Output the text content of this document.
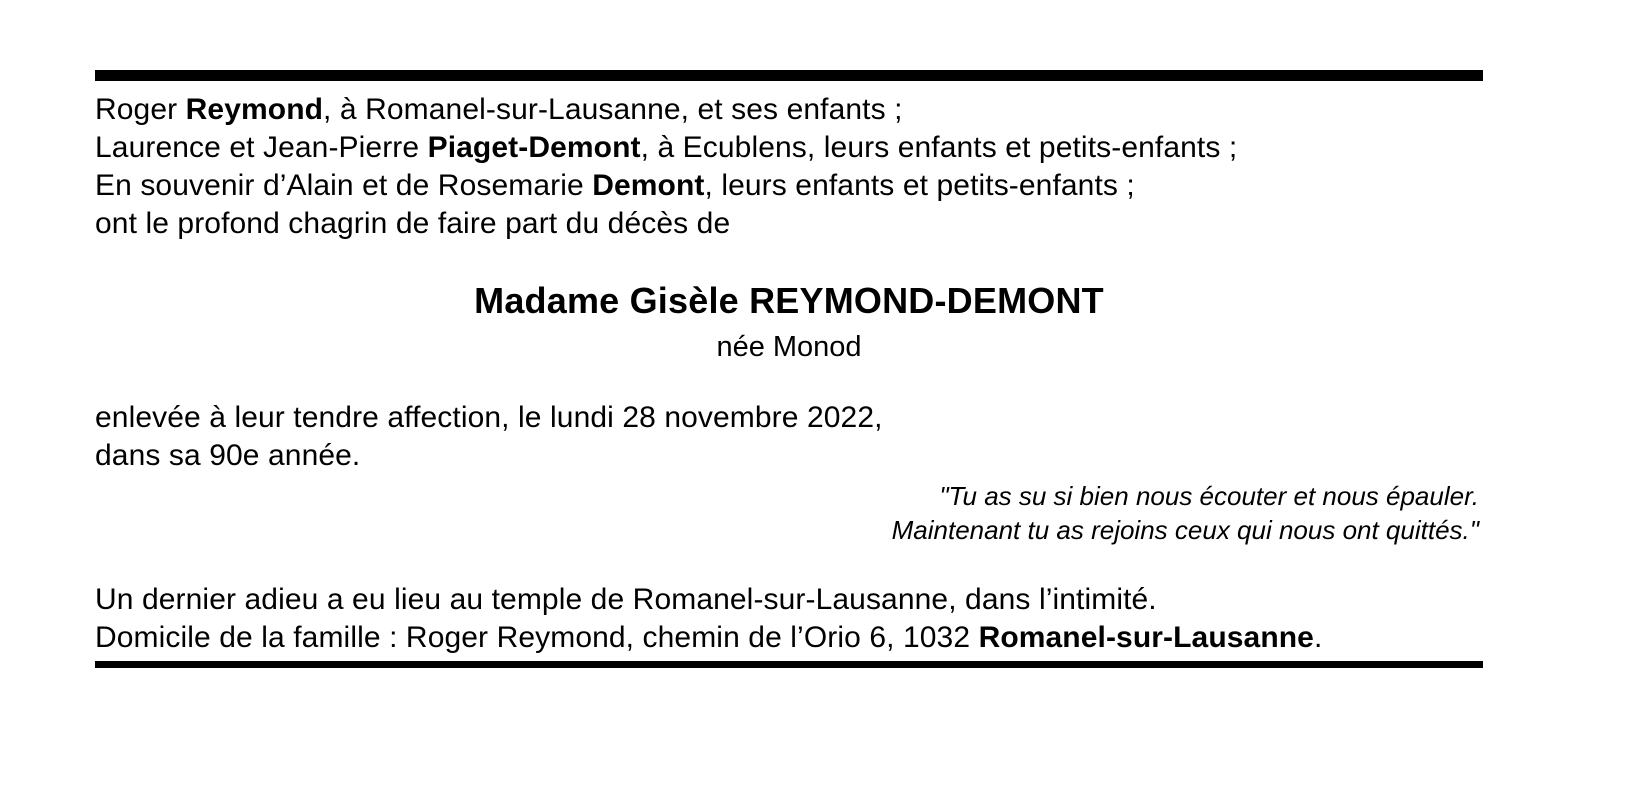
Roger Reymond, à Romanel-sur-Lausanne, et ses enfants ;
Laurence et Jean-Pierre Piaget-Demont, à Ecublens, leurs enfants et petits-enfants ;
En souvenir d’Alain et de Rosemarie Demont, leurs enfants et petits-enfants ;
ont le profond chagrin de faire part du décès de
Madame Gisèle REYMOND-DEMONT
née Monod
enlevée à leur tendre affection, le lundi 28 novembre 2022,
dans sa 90e année.
"Tu as su si bien nous écouter et nous épauler.
Maintenant tu as rejoins ceux qui nous ont quittés."
Un dernier adieu a eu lieu au temple de Romanel-sur-Lausanne, dans l’intimité.
Domicile de la famille : Roger Reymond, chemin de l’Orio 6, 1032 Romanel-sur-Lausanne.
